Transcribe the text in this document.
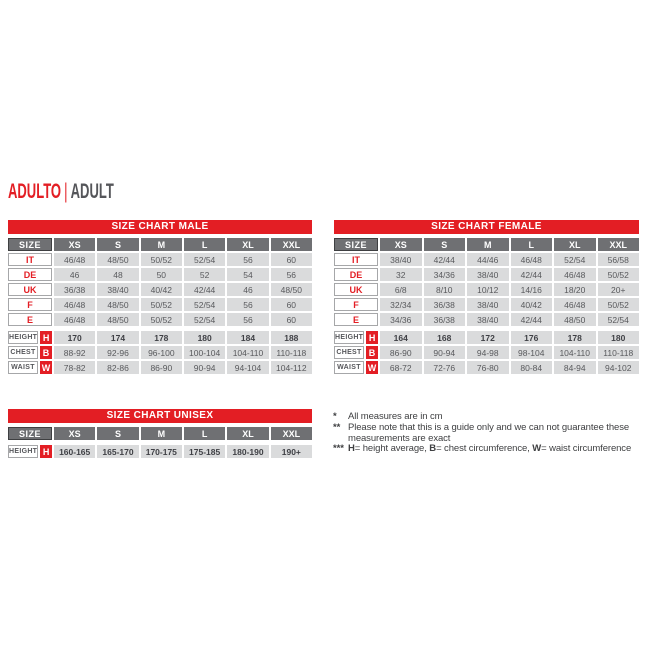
ADULTO | ADULT
SIZE CHART MALE
SIZE	XS	S	M	L	XL	XXL
IT	46/48	48/50	50/52	52/54	56	60
DE	46	48	50	52	54	56
UK	36/38	38/40	40/42	42/44	46	48/50
F	46/48	48/50	50/52	52/54	56	60
E	46/48	48/50	50/52	52/54	56	60
HEIGHT H	170	174	178	180	184	188
CHEST B	88-92	92-96	96-100	100-104	104-110	110-118
WAIST W	78-82	82-86	86-90	90-94	94-104	104-112
SIZE CHART FEMALE
SIZE	XS	S	M	L	XL	XXL
IT	38/40	42/44	44/46	46/48	52/54	56/58
DE	32	34/36	38/40	42/44	46/48	50/52
UK	6/8	8/10	10/12	14/16	18/20	20+
F	32/34	36/38	38/40	40/42	46/48	50/52
E	34/36	36/38	38/40	42/44	48/50	52/54
HEIGHT H	164	168	172	176	178	180
CHEST B	86-90	90-94	94-98	98-104	104-110	110-118
WAIST W	68-72	72-76	76-80	80-84	84-94	94-102
SIZE CHART UNISEX
SIZE	XS	S	M	L	XL	XXL
HEIGHT H	160-165	165-170	170-175	175-185	180-190	190+
* All measures are in cm
** Please note that this is a guide only and we can not guarantee these measurements are exact
*** H= height average, B= chest circumference, W= waist circumference
